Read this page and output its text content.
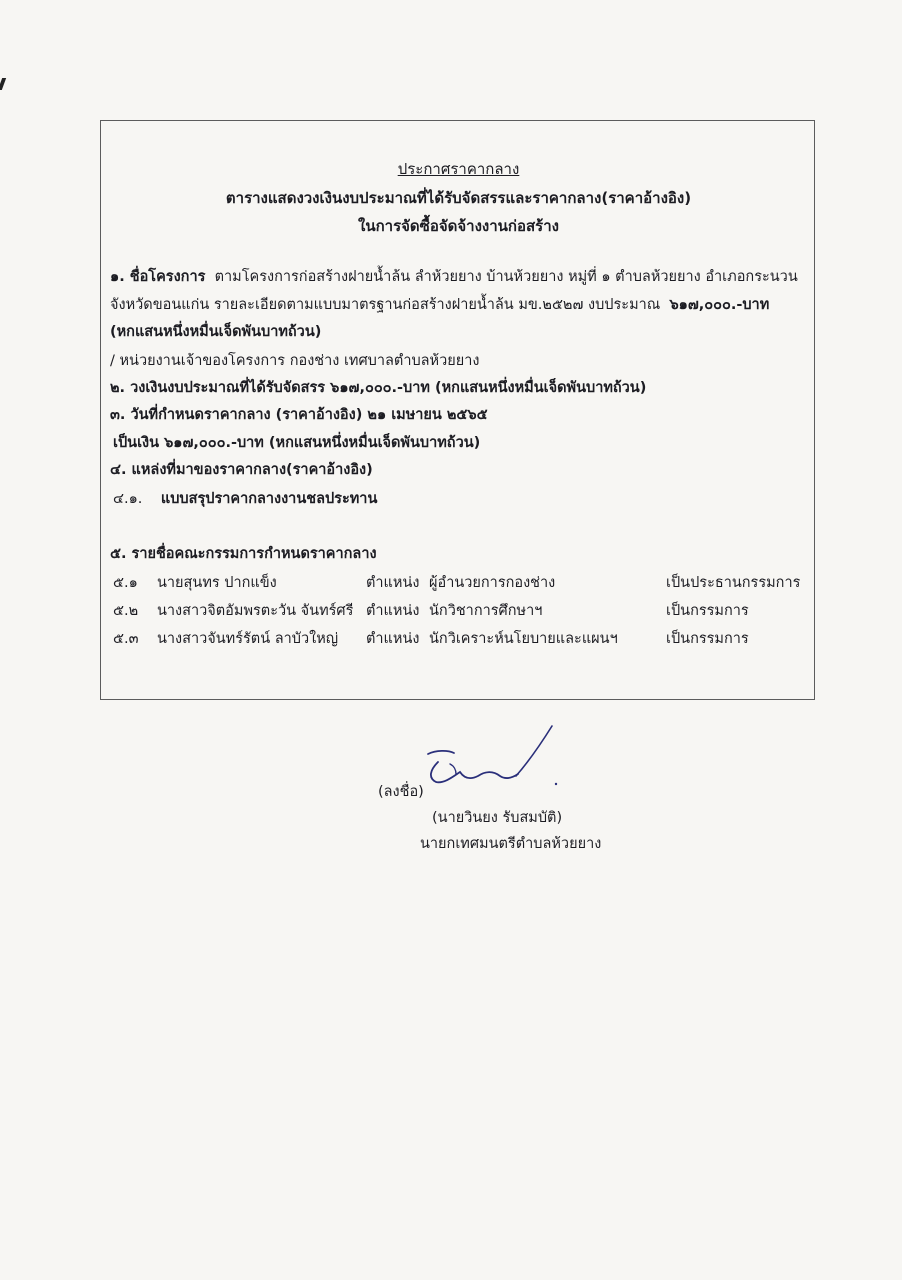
ประกาศราคากลาง
ตารางแสดงวงเงินงบประมาณที่ได้รับจัดสรรและราคากลาง(ราคาอ้างอิง)
ในการจัดซื้อจัดจ้างงานก่อสร้าง
๑. ชื่อโครงการ ตามโครงการก่อสร้างฝายน้ำล้น ลำห้วยยาง บ้านห้วยยาง หมู่ที่ ๑ ตำบลห้วยยาง อำเภอกระนวน
จังหวัดขอนแก่น รายละเอียดตามแบบมาตรฐานก่อสร้างฝายน้ำล้น มข.๒๕๒๗ งบประมาณ ๖๑๗,๐๐๐.-บาท
(หกแสนหนึ่งหมื่นเจ็ดพันบาทถ้วน)
/ หน่วยงานเจ้าของโครงการ กองช่าง เทศบาลตำบลห้วยยาง
๒. วงเงินงบประมาณที่ได้รับจัดสรร ๖๑๗,๐๐๐.-บาท (หกแสนหนึ่งหมื่นเจ็ดพันบาทถ้วน)
๓. วันที่กำหนดราคากลาง (ราคาอ้างอิง) ๒๑ เมษายน ๒๕๖๕
เป็นเงิน ๖๑๗,๐๐๐.-บาท (หกแสนหนึ่งหมื่นเจ็ดพันบาทถ้วน)
๔. แหล่งที่มาของราคากลาง(ราคาอ้างอิง)
๔.๑. แบบสรุปราคากลางงานชลประทาน
๕. รายชื่อคณะกรรมการกำหนดราคากลาง
๕.๑ นายสุนทร ปากแข็ง	ตำแหน่ง ผู้อำนวยการกองช่าง	เป็นประธานกรรมการ
๕.๒ นางสาวจิตอัมพรตะวัน จันทร์ศรี ตำแหน่ง นักวิชาการศึกษาฯ	เป็นกรรมการ
๕.๓ นางสาวจันทร์รัตน์ ลาบัวใหญ่ ตำแหน่ง นักวิเคราะห์นโยบายและแผนฯ	เป็นกรรมการ
(ลงชื่อ)
(นายวินยง รับสมบัติ)
นายกเทศมนตรีตำบลห้วยยาง
